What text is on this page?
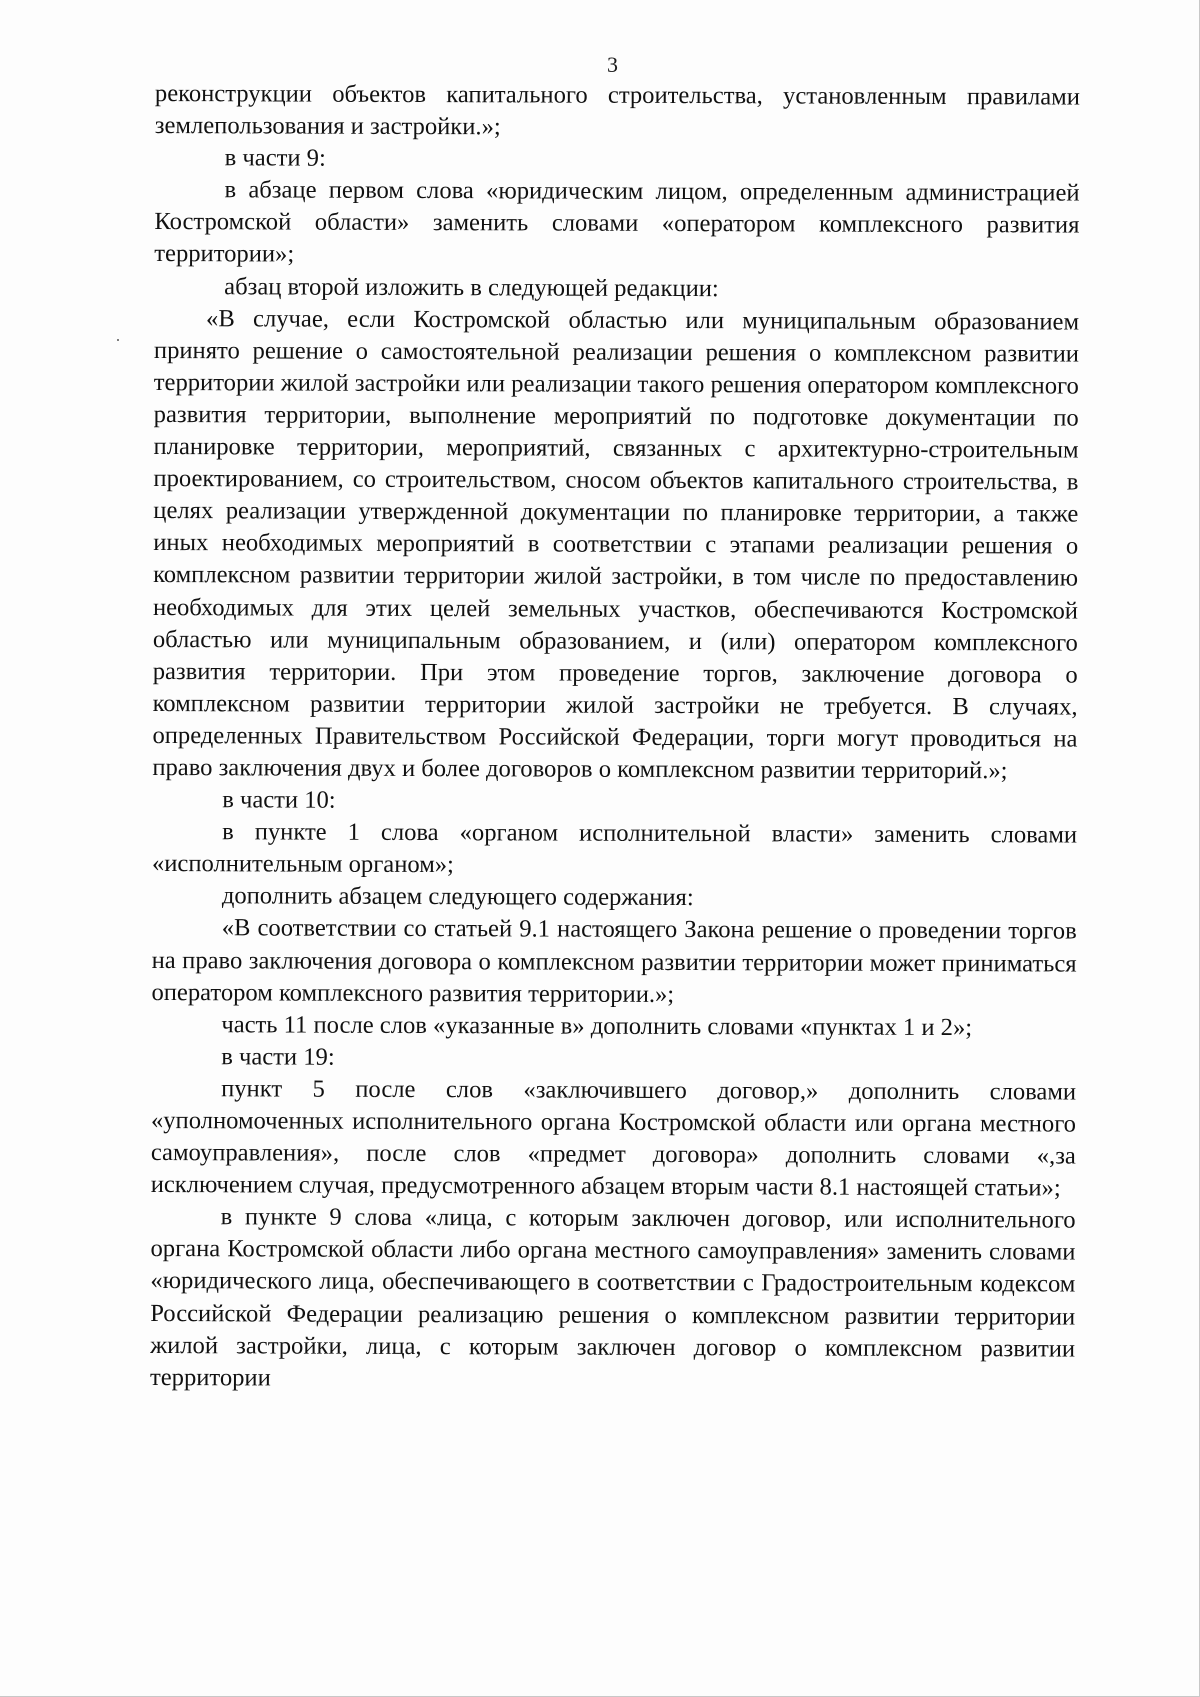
3

реконструкции объектов капитального строительства, установленным правилами землепользования и застройки.»;

в части 9:

в абзаце первом слова «юридическим лицом, определенным администрацией Костромской области» заменить словами «оператором комплексного развития территории»;

абзац второй изложить в следующей редакции:

«В случае, если Костромской областью или муниципальным образованием принято решение о самостоятельной реализации решения о комплексном развитии территории жилой застройки или реализации такого решения оператором комплексного развития территории, выполнение мероприятий по подготовке документации по планировке территории, мероприятий, связанных с архитектурно-строительным проектированием, со строительством, сносом объектов капитального строительства, в целях реализации утвержденной документации по планировке территории, а также иных необходимых мероприятий в соответствии с этапами реализации решения о комплексном развитии территории жилой застройки, в том числе по предоставлению необходимых для этих целей земельных участков, обеспечиваются Костромской областью или муниципальным образованием, и (или) оператором комплексного развития территории. При этом проведение торгов, заключение договора о комплексном развитии территории жилой застройки не требуется. В случаях, определенных Правительством Российской Федерации, торги могут проводиться на право заключения двух и более договоров о комплексном развитии территорий.»;

в части 10:

в пункте 1 слова «органом исполнительной власти» заменить словами «исполнительным органом»;

дополнить абзацем следующего содержания:

«В соответствии со статьей 9.1 настоящего Закона решение о проведении торгов на право заключения договора о комплексном развитии территории может приниматься оператором комплексного развития территории.»;

часть 11 после слов «указанные в» дополнить словами «пунктах 1 и 2»;

в части 19:

пункт 5 после слов «заключившего договор,» дополнить словами «уполномоченных исполнительного органа Костромской области или органа местного самоуправления», после слов «предмет договора» дополнить словами «,за исключением случая, предусмотренного абзацем вторым части 8.1 настоящей статьи»;

в пункте 9 слова «лица, с которым заключен договор, или исполнительного органа Костромской области либо органа местного самоуправления» заменить словами «юридического лица, обеспечивающего в соответствии с Градостроительным кодексом Российской Федерации реализацию решения о комплексном развитии территории жилой застройки, лица, с которым заключен договор о комплексном развитии территории
